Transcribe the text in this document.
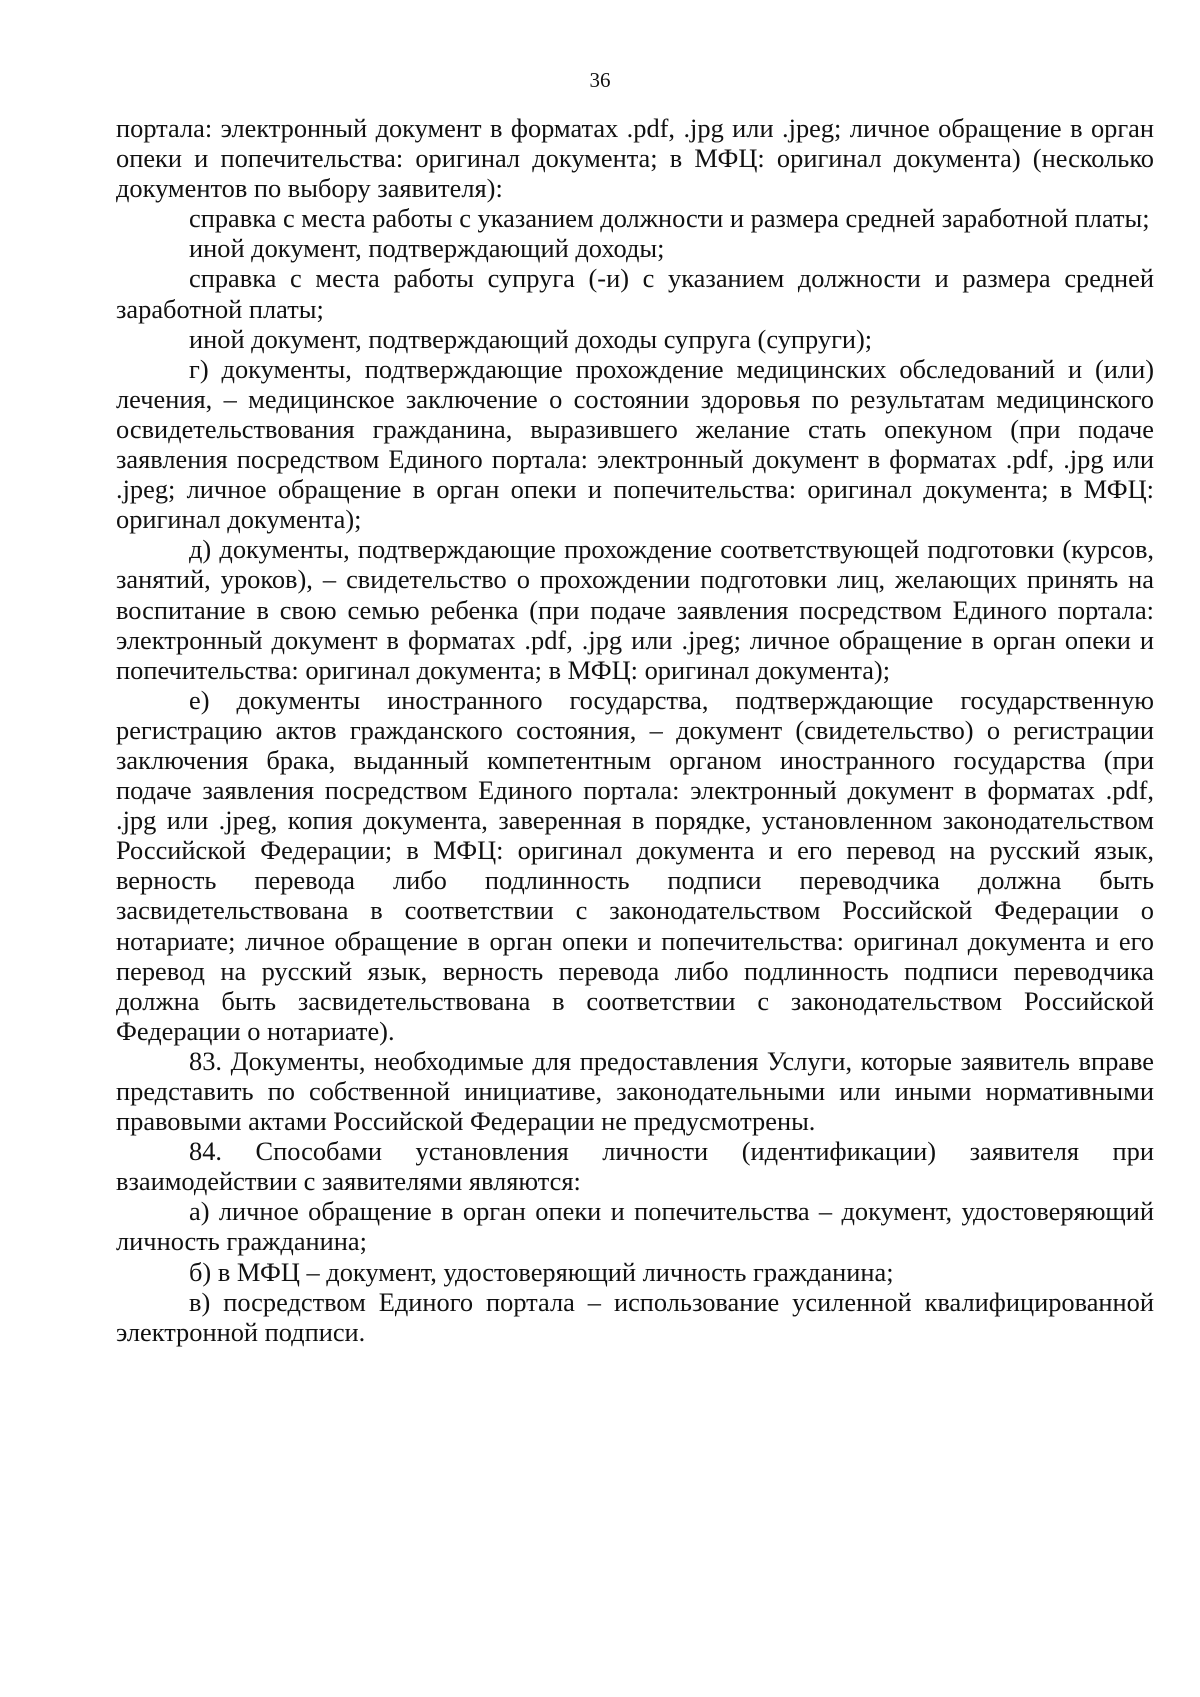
36

портала: электронный документ в форматах .pdf, .jpg или .jpeg; личное обращение в орган опеки и попечительства: оригинал документа; в МФЦ: оригинал документа) (несколько документов по выбору заявителя):

справка с места работы с указанием должности и размера средней заработной платы;

иной документ, подтверждающий доходы;

справка с места работы супруга (-и) с указанием должности и размера средней заработной платы;

иной документ, подтверждающий доходы супруга (супруги);

г) документы, подтверждающие прохождение медицинских обследований и (или) лечения, – медицинское заключение о состоянии здоровья по результатам медицинского освидетельствования гражданина, выразившего желание стать опекуном (при подаче заявления посредством Единого портала: электронный документ в форматах .pdf, .jpg или .jpeg; личное обращение в орган опеки и попечительства: оригинал документа; в МФЦ: оригинал документа);

д) документы, подтверждающие прохождение соответствующей подготовки (курсов, занятий, уроков), – свидетельство о прохождении подготовки лиц, желающих принять на воспитание в свою семью ребенка (при подаче заявления посредством Единого портала: электронный документ в форматах .pdf, .jpg или .jpeg; личное обращение в орган опеки и попечительства: оригинал документа; в МФЦ: оригинал документа);

е) документы иностранного государства, подтверждающие государственную регистрацию актов гражданского состояния, – документ (свидетельство) о регистрации заключения брака, выданный компетентным органом иностранного государства (при подаче заявления посредством Единого портала: электронный документ в форматах .pdf, .jpg или .jpeg, копия документа, заверенная в порядке, установленном законодательством Российской Федерации; в МФЦ: оригинал документа и его перевод на русский язык, верность перевода либо подлинность подписи переводчика должна быть засвидетельствована в соответствии с законодательством Российской Федерации о нотариате; личное обращение в орган опеки и попечительства: оригинал документа и его перевод на русский язык, верность перевода либо подлинность подписи переводчика должна быть засвидетельствована в соответствии с законодательством Российской Федерации о нотариате).

83. Документы, необходимые для предоставления Услуги, которые заявитель вправе представить по собственной инициативе, законодательными или иными нормативными правовыми актами Российской Федерации не предусмотрены.

84. Способами установления личности (идентификации) заявителя при взаимодействии с заявителями являются:

а) личное обращение в орган опеки и попечительства – документ, удостоверяющий личность гражданина;

б) в МФЦ – документ, удостоверяющий личность гражданина;

в) посредством Единого портала – использование усиленной квалифицированной электронной подписи.
